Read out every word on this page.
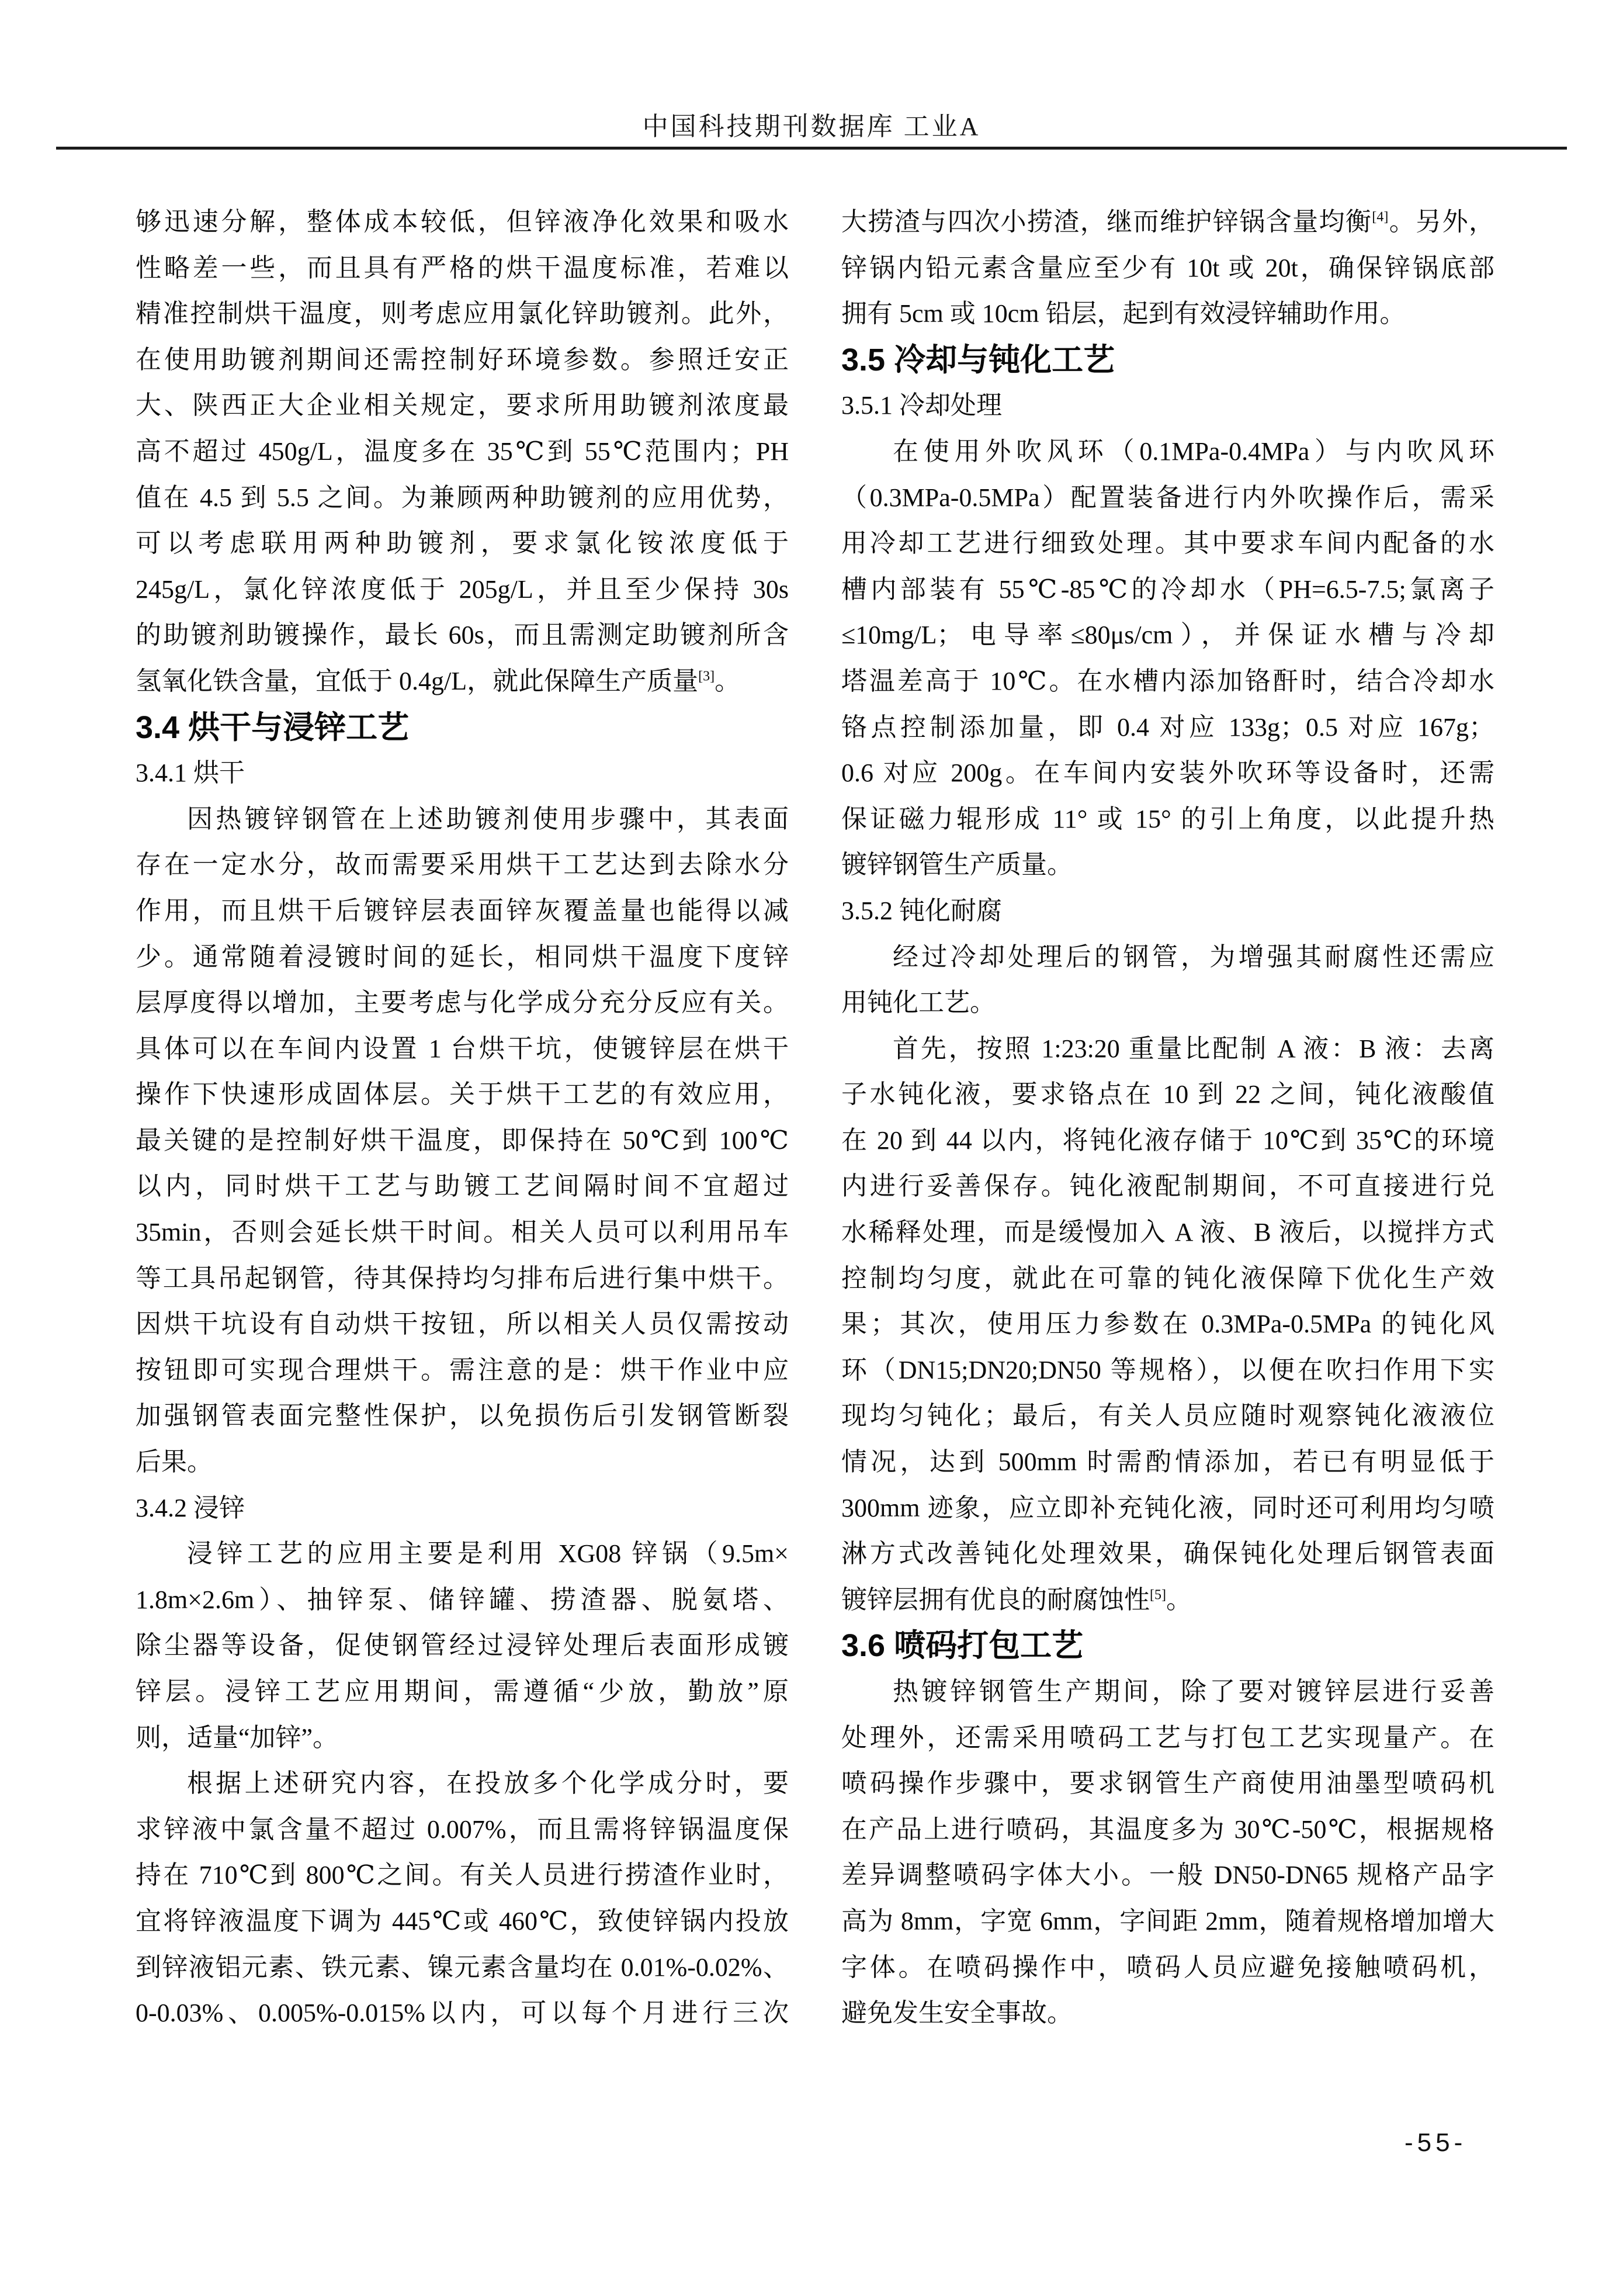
中国科技期刊数据库 工业A
够迅速分解，整体成本较低，但锌液净化效果和吸水
性略差一些，而且具有严格的烘干温度标准，若难以
精准控制烘干温度，则考虑应用氯化锌助镀剂。此外，
在使用助镀剂期间还需控制好环境参数。参照迁安正
大、陕西正大企业相关规定，要求所用助镀剂浓度最
高不超过 450g/L，温度多在 35℃到 55℃范围内；PH
值在 4.5 到 5.5 之间。为兼顾两种助镀剂的应用优势，
可以考虑联用两种助镀剂，要求氯化铵浓度低于
245g/L，氯化锌浓度低于 205g/L，并且至少保持 30s
的助镀剂助镀操作，最长 60s，而且需测定助镀剂所含
氢氧化铁含量，宜低于 0.4g/L，就此保障生产质量[3]。
3.4 烘干与浸锌工艺
3.4.1 烘干
因热镀锌钢管在上述助镀剂使用步骤中，其表面
存在一定水分，故而需要采用烘干工艺达到去除水分
作用，而且烘干后镀锌层表面锌灰覆盖量也能得以减
少。通常随着浸镀时间的延长，相同烘干温度下度锌
层厚度得以增加，主要考虑与化学成分充分反应有关。
具体可以在车间内设置 1 台烘干坑，使镀锌层在烘干
操作下快速形成固体层。关于烘干工艺的有效应用，
最关键的是控制好烘干温度，即保持在 50℃到 100℃
以内，同时烘干工艺与助镀工艺间隔时间不宜超过
35min，否则会延长烘干时间。相关人员可以利用吊车
等工具吊起钢管，待其保持均匀排布后进行集中烘干。
因烘干坑设有自动烘干按钮，所以相关人员仅需按动
按钮即可实现合理烘干。需注意的是：烘干作业中应
加强钢管表面完整性保护，以免损伤后引发钢管断裂
后果。
3.4.2 浸锌
浸锌工艺的应用主要是利用 XG08 锌锅（9.5m×
1.8m×2.6m）、抽锌泵、储锌罐、捞渣器、脱氨塔、
除尘器等设备，促使钢管经过浸锌处理后表面形成镀
锌层。浸锌工艺应用期间，需遵循“少放，勤放”原
则，适量“加锌”。
根据上述研究内容，在投放多个化学成分时，要
求锌液中氯含量不超过 0.007%，而且需将锌锅温度保
持在 710℃到 800℃之间。有关人员进行捞渣作业时，
宜将锌液温度下调为 445℃或 460℃，致使锌锅内投放
到锌液铝元素、铁元素、镍元素含量均在 0.01%-0.02%、
0-0.03%、0.005%-0.015%以内，可以每个月进行三次
大捞渣与四次小捞渣，继而维护锌锅含量均衡[4]。另外，
锌锅内铅元素含量应至少有 10t 或 20t，确保锌锅底部
拥有 5cm 或 10cm 铅层，起到有效浸锌辅助作用。
3.5 冷却与钝化工艺
3.5.1 冷却处理
在使用外吹风环（0.1MPa-0.4MPa）与内吹风环
（0.3MPa-0.5MPa）配置装备进行内外吹操作后，需采
用冷却工艺进行细致处理。其中要求车间内配备的水
槽内部装有 55℃-85℃的冷却水（PH=6.5-7.5;氯离子
≤10mg/L；电导率≤80μs/cm），并保证水槽与冷却
塔温差高于 10℃。在水槽内添加铬酐时，结合冷却水
铬点控制添加量，即 0.4 对应 133g；0.5 对应 167g；
0.6 对应 200g。在车间内安装外吹环等设备时，还需
保证磁力辊形成 11° 或 15° 的引上角度，以此提升热
镀锌钢管生产质量。
3.5.2 钝化耐腐
经过冷却处理后的钢管，为增强其耐腐性还需应
用钝化工艺。
首先，按照 1:23:20 重量比配制 A 液：B 液：去离
子水钝化液，要求铬点在 10 到 22 之间，钝化液酸值
在 20 到 44 以内，将钝化液存储于 10℃到 35℃的环境
内进行妥善保存。钝化液配制期间，不可直接进行兑
水稀释处理，而是缓慢加入 A 液、B 液后，以搅拌方式
控制均匀度，就此在可靠的钝化液保障下优化生产效
果；其次，使用压力参数在 0.3MPa-0.5MPa 的钝化风
环（DN15;DN20;DN50 等规格），以便在吹扫作用下实
现均匀钝化；最后，有关人员应随时观察钝化液液位
情况，达到 500mm 时需酌情添加，若已有明显低于
300mm 迹象，应立即补充钝化液，同时还可利用均匀喷
淋方式改善钝化处理效果，确保钝化处理后钢管表面
镀锌层拥有优良的耐腐蚀性[5]。
3.6 喷码打包工艺
热镀锌钢管生产期间，除了要对镀锌层进行妥善
处理外，还需采用喷码工艺与打包工艺实现量产。在
喷码操作步骤中，要求钢管生产商使用油墨型喷码机
在产品上进行喷码，其温度多为 30℃-50℃，根据规格
差异调整喷码字体大小。一般 DN50-DN65 规格产品字
高为 8mm，字宽 6mm，字间距 2mm，随着规格增加增大
字体。在喷码操作中，喷码人员应避免接触喷码机，
避免发生安全事故。
-55-
